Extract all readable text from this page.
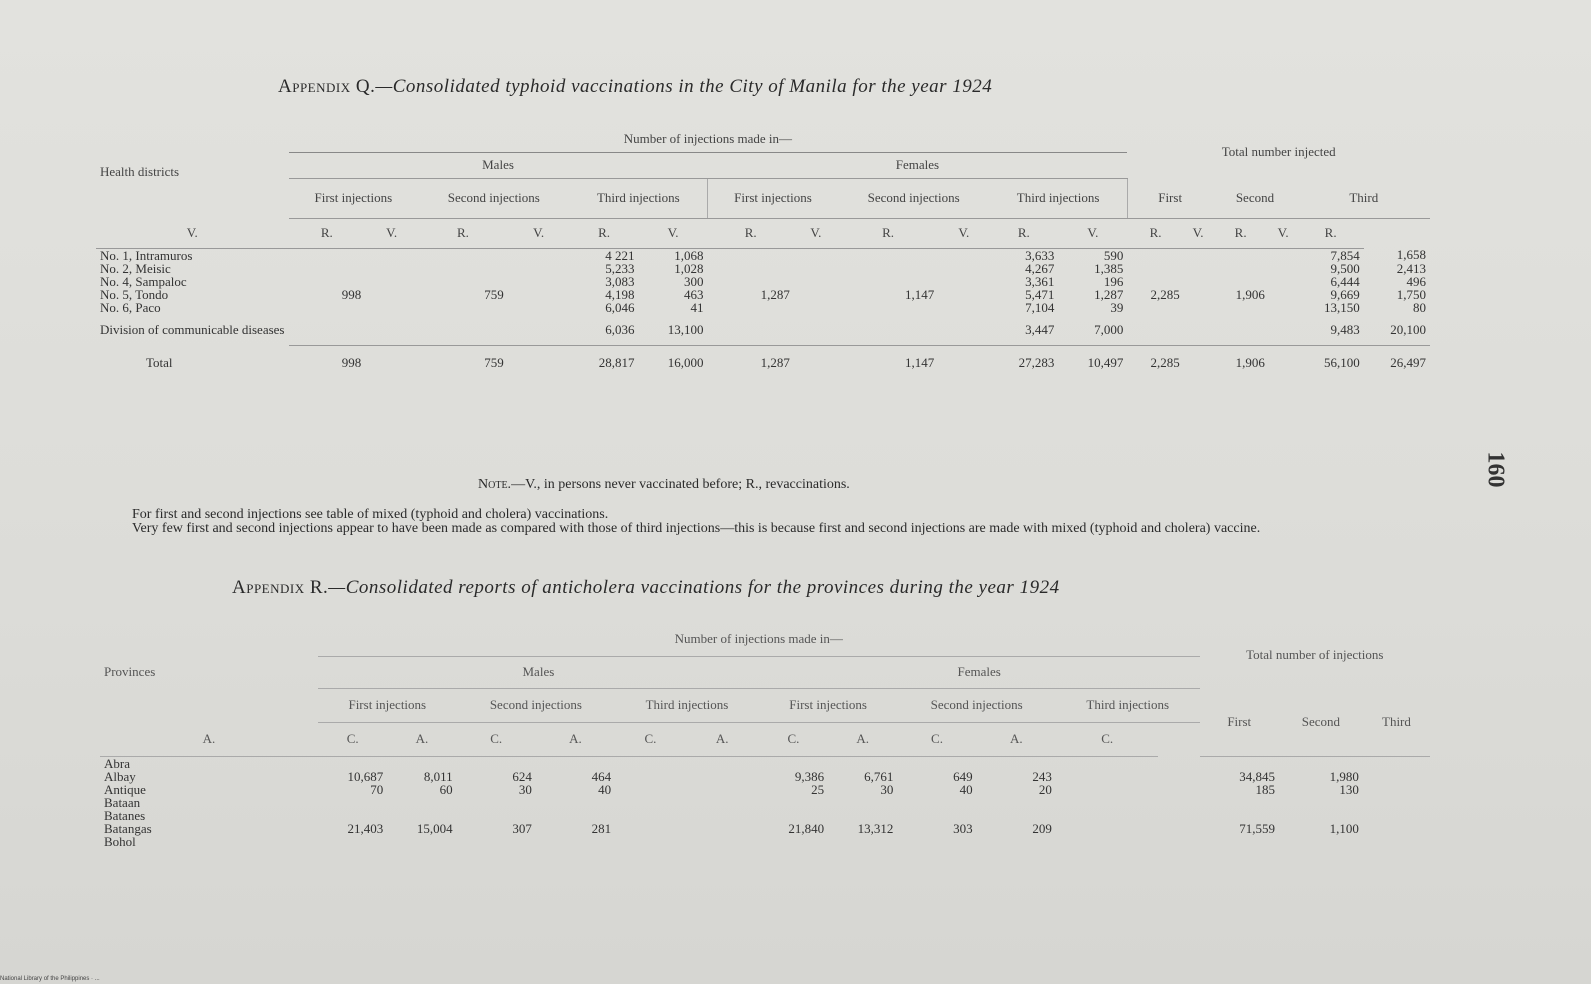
Appendix Q.—Consolidated typhoid vaccinations in the City of Manila for the year 1924
Health districts	Number of injections made in—												Total number injected					
	Males						Females											
	First injections		Second injections		Third injections		First injections		Second injections		Third injections		First		Second		Third	
V.	R.	V.	R.	V.	R.	V.	R.	V.	R.	V.	R.	V.	R.	V.	R.	V.	R.	
No. 1, Intramuros					4 221	1,068					3,633	590					7,854	1,658
No. 2, Meisic					5,233	1,028					4,267	1,385					9,500	2,413
No. 4, Sampaloc					3,083	300					3,361	196					6,444	496
No. 5, Tondo	998		759		4,198	463	1,287		1,147		5,471	1,287	2,285		1,906		9,669	1,750
No. 6, Paco					6,046	41					7,104	39					13,150	80
Division of communicable diseases					6,036	13,100					3,447	7,000					9,483	20,100
Total	998		759		28,817	16,000	1,287		1,147		27,283	10,497	2,285		1,906		56,100	26,497
Note.—V., in persons never vaccinated before; R., revaccinations.
For first and second injections see table of mixed (typhoid and cholera) vaccinations.
Very few first and second injections appear to have been made as compared with those of third injections—this is because first and second injections are made with mixed (typhoid and cholera) vaccine.
Appendix R.—Consolidated reports of anticholera vaccinations for the provinces during the year 1924
Provinces	Number of injections made in—												Total number of injections		
	Males						Females								
	First injections		Second injections		Third injections		First injections		Second injections		Third injections		First	Second	Third
A.	C.	A.	C.	A.	C.	A.	C.	A.	C.	A.	C.				
Abra															
Albay	10,687	8,011	624	464			9,386	6,761	649	243			34,845	1,980	
Antique	70	60	30	40			25	30	40	20			185	130	
Bataan															
Batanes															
Batangas	21,403	15,004	307	281			21,840	13,312	303	209			71,559	1,100	
Bohol															
160
National Library of the Philippines · ...
